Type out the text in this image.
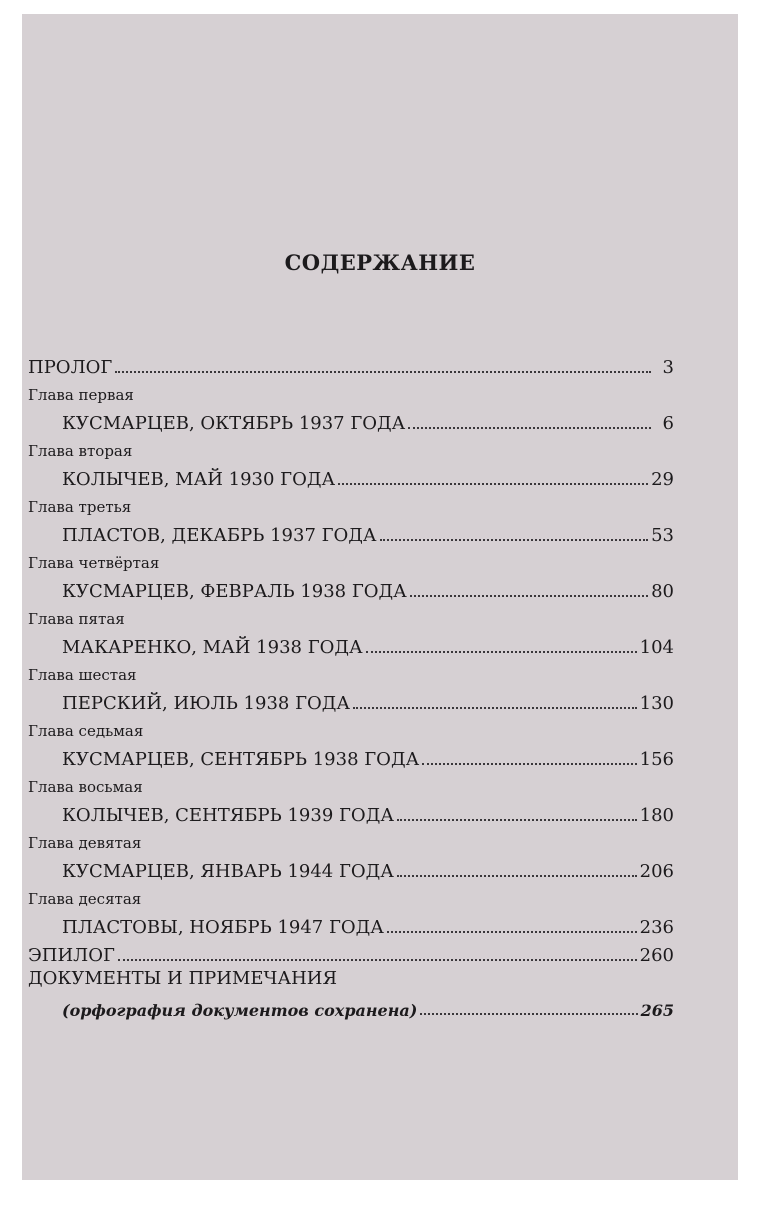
СОДЕРЖАНИЕ
ПРОЛОГ	3
Глава первая
КУСМАРЦЕВ, ОКТЯБРЬ 1937 ГОДА	6
Глава вторая
КОЛЫЧЕВ, МАЙ 1930 ГОДА	29
Глава третья
ПЛАСТОВ, ДЕКАБРЬ 1937 ГОДА	53
Глава четвёртая
КУСМАРЦЕВ, ФЕВРАЛЬ 1938 ГОДА	80
Глава пятая
МАКАРЕНКО, МАЙ 1938 ГОДА	104
Глава шестая
ПЕРСКИЙ, ИЮЛЬ 1938 ГОДА	130
Глава седьмая
КУСМАРЦЕВ, СЕНТЯБРЬ 1938 ГОДА	156
Глава восьмая
КОЛЫЧЕВ, СЕНТЯБРЬ 1939 ГОДА	180
Глава девятая
КУСМАРЦЕВ, ЯНВАРЬ 1944 ГОДА	206
Глава десятая
ПЛАСТОВЫ, НОЯБРЬ 1947 ГОДА	236
ЭПИЛОГ	260
ДОКУМЕНТЫ И ПРИМЕЧАНИЯ
(орфография документов сохранена)	265
